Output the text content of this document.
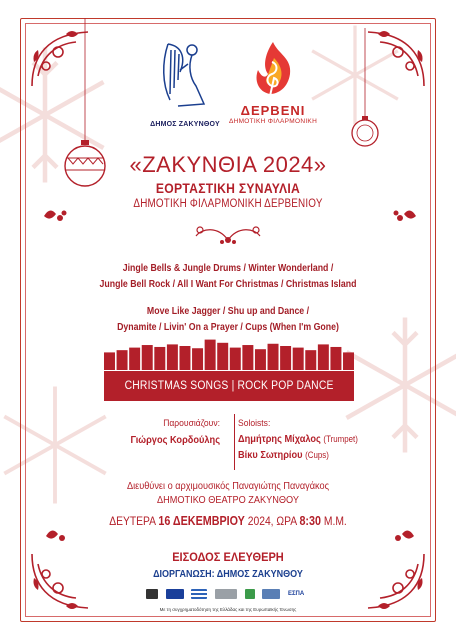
ΔΗΜΟΣ ΖΑΚΥΝΘΟΥ
ΔΕΡΒΕΝΙ
ΔΗΜΟΤΙΚΗ ΦΙΛΑΡΜΟΝΙΚΗ
«ΖΑΚΥΝΘΙΑ 2024»
ΕΟΡΤΑΣΤΙΚΗ ΣΥΝΑΥΛΙΑ
ΔΗΜΟΤΙΚΗ ΦΙΛΑΡΜΟΝΙΚΗ ΔΕΡΒΕΝΙΟΥ
Jingle Bells & Jungle Drums / Winter Wonderland /
Jungle Bell Rock / All I Want For Christmas / Christmas Island
Move Like Jagger / Shu up and Dance /
Dynamite / Livin' On a Prayer / Cups (When I'm Gone)
CHRISTMAS SONGS | ROCK POP DANCE
Παρουσιάζουν:
Γιώργος Κορδούλης
Soloists:
Δημήτρης Μίχαλος (Trumpet)
Βίκυ Σωτηρίου (Cups)
Διευθύνει ο αρχιμουσικός Παναγιώτης Παναγάκος
ΔΗΜΟΤΙΚΟ ΘΕΑΤΡΟ ΖΑΚΥΝΘΟΥ
ΔΕΥΤΕΡΑ 16 ΔΕΚΕΜΒΡΙΟΥ 2024, ΩΡΑ 8:30 Μ.Μ.
ΕΙΣΟΔΟΣ ΕΛΕΥΘΕΡΗ
ΔΙΟΡΓΑΝΩΣΗ: ΔΗΜΟΣ ΖΑΚΥΝΘΟΥ
ΕΣΠΑ
Με τη συγχρηματοδότηση της Ελλάδας και της Ευρωπαϊκής Ένωσης
